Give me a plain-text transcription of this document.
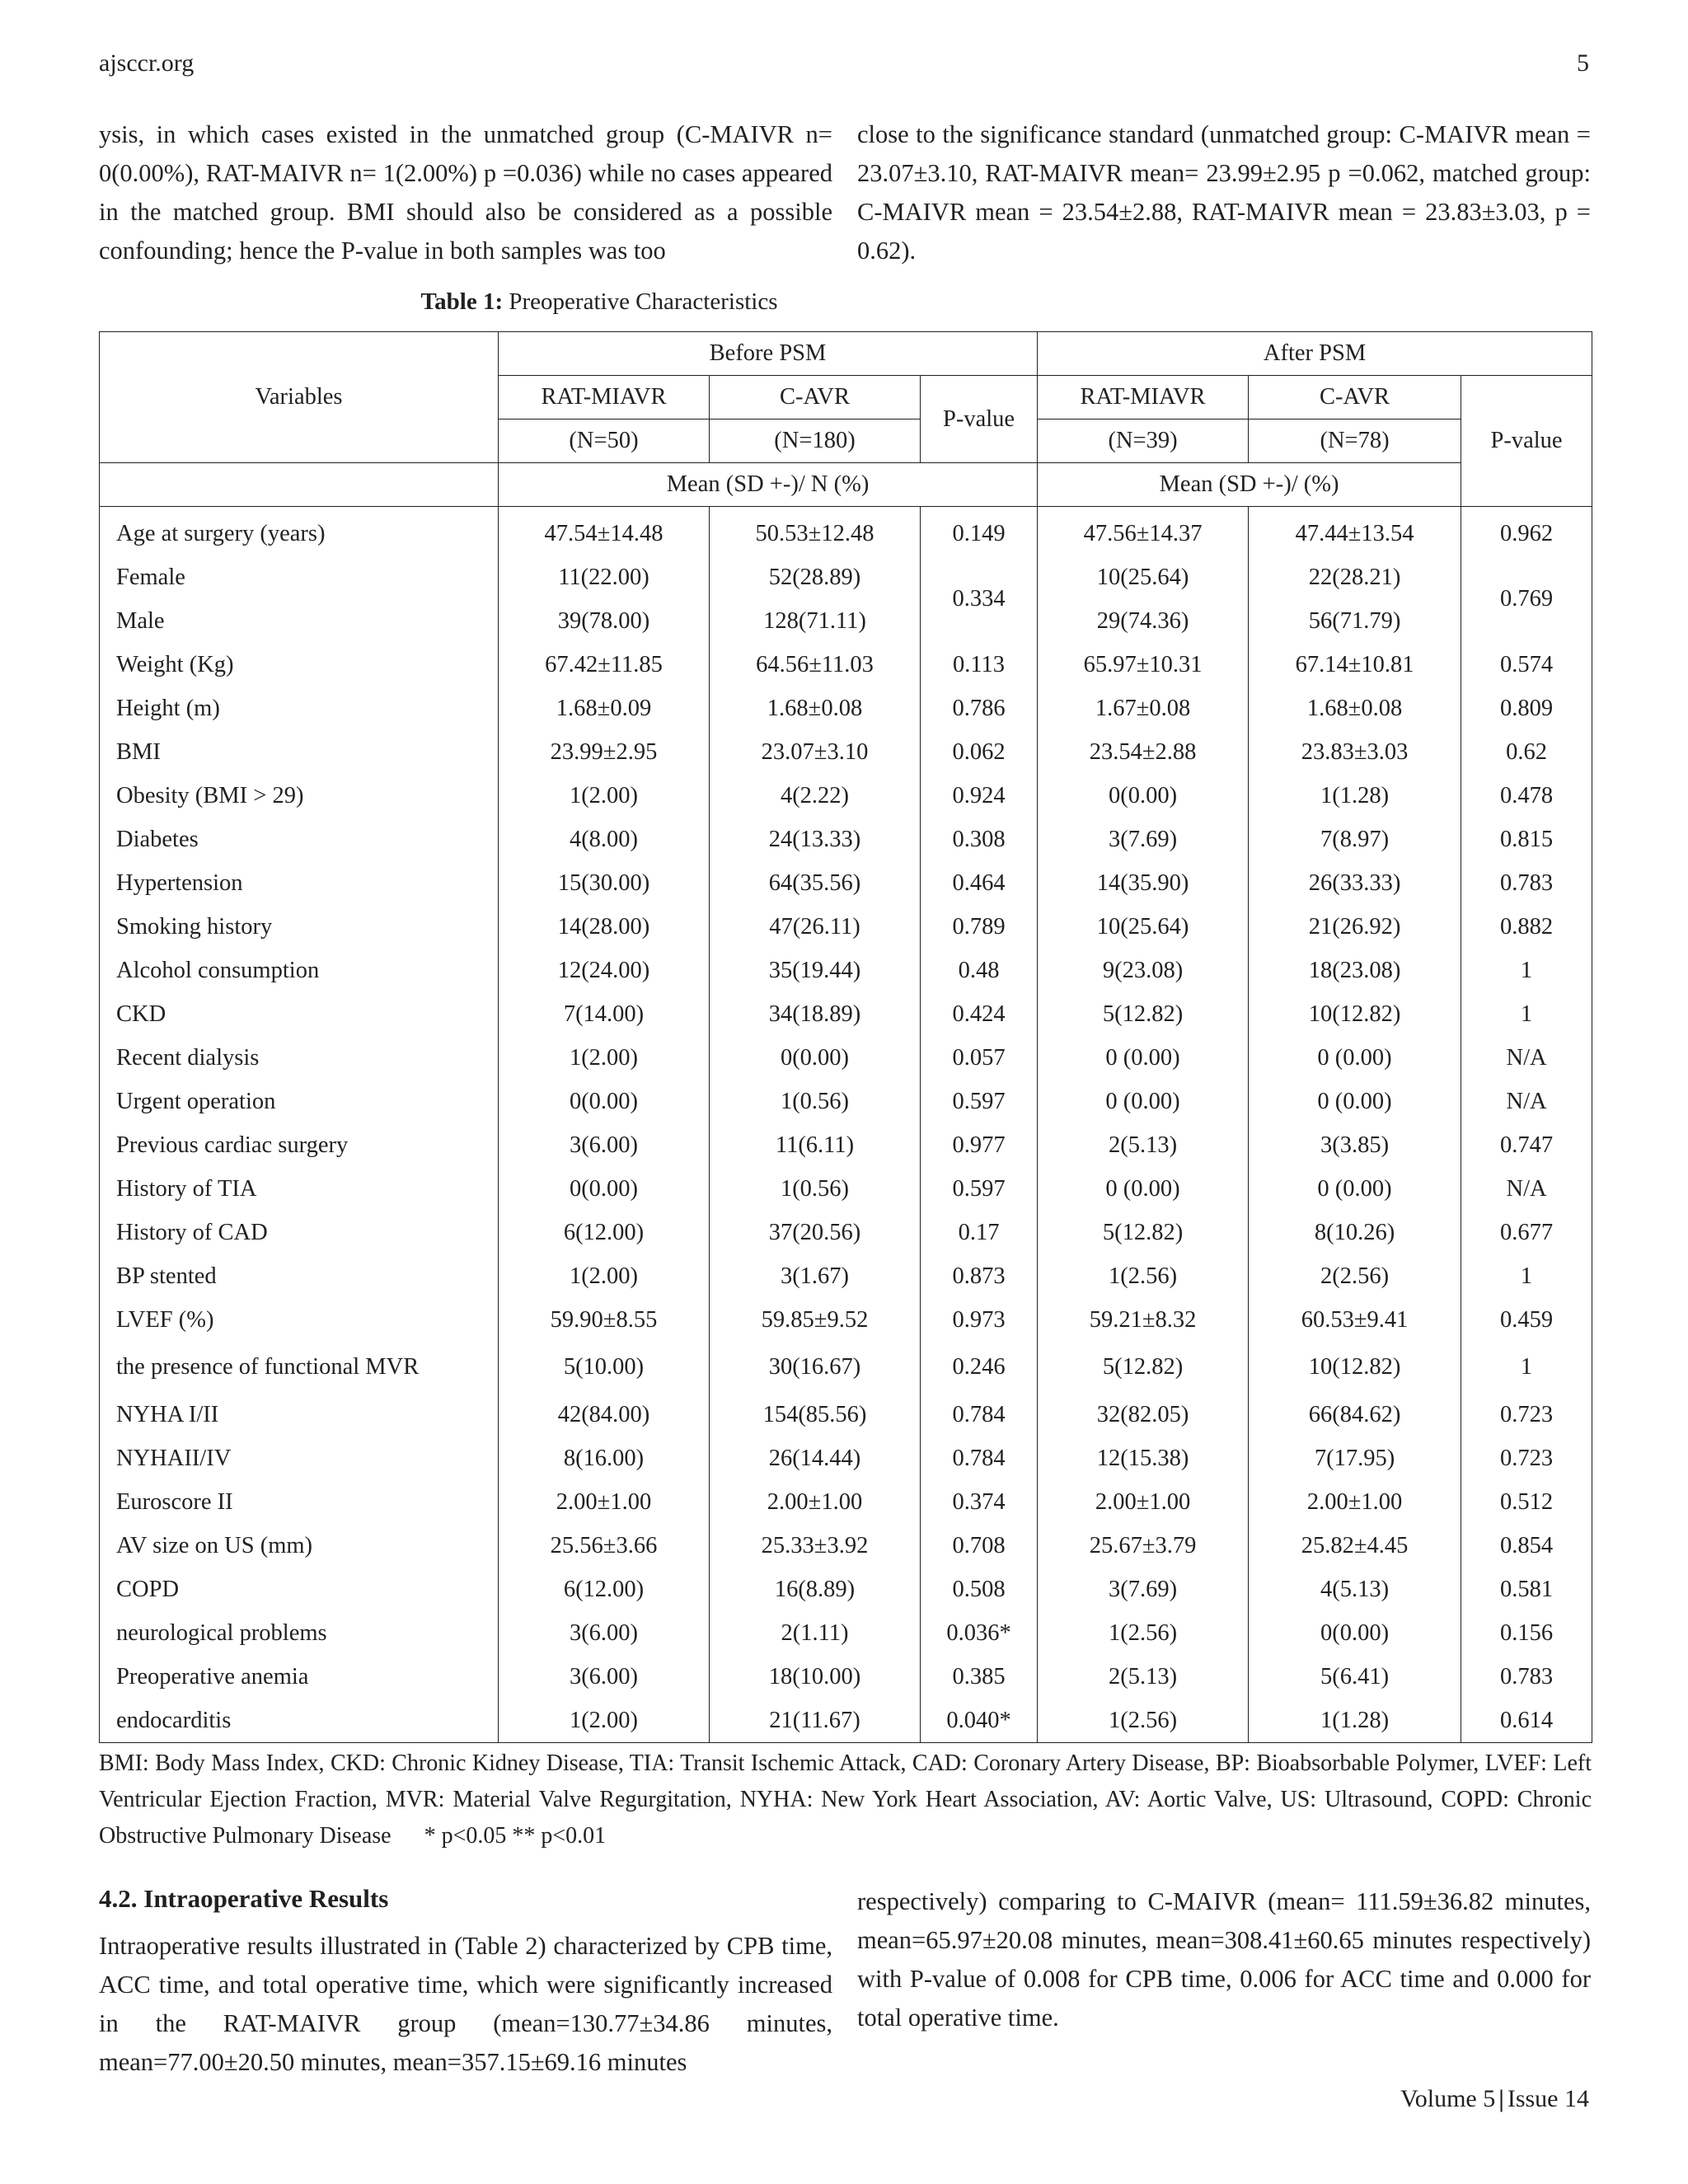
ajsccr.org	5

ysis, in which cases existed in the unmatched group (C-MAIVR n= 0(0.00%), RAT-MAIVR n= 1(2.00%) p =0.036) while no cases appeared in the matched group. BMI should also be considered as a possible confounding; hence the P-value in both samples was too

close to the significance standard (unmatched group: C-MAIVR mean = 23.07±3.10, RAT-MAIVR mean= 23.99±2.95 p =0.062, matched group: C-MAIVR mean = 23.54±2.88, RAT-MAIVR mean = 23.83±3.03, p = 0.62).

Table 1: Preoperative Characteristics
Variables	Before PSM			After PSM		
	RAT-MIAVR	C-AVR	P-value	RAT-MIAVR	C-AVR	P-value
	(N=50)	(N=180)		(N=39)	(N=78)	
	Mean (SD +-)/ N (%)			Mean (SD +-)/ (%)		
Age at surgery (years)	47.54±14.48	50.53±12.48	0.149	47.56±14.37	47.44±13.54	0.962
Female	11(22.00)	52(28.89)	0.334	10(25.64)	22(28.21)	0.769
Male	39(78.00)	128(71.11)		29(74.36)	56(71.79)	
Weight (Kg)	67.42±11.85	64.56±11.03	0.113	65.97±10.31	67.14±10.81	0.574
Height (m)	1.68±0.09	1.68±0.08	0.786	1.67±0.08	1.68±0.08	0.809
BMI	23.99±2.95	23.07±3.10	0.062	23.54±2.88	23.83±3.03	0.62
Obesity (BMI > 29)	1(2.00)	4(2.22)	0.924	0(0.00)	1(1.28)	0.478
Diabetes	4(8.00)	24(13.33)	0.308	3(7.69)	7(8.97)	0.815
Hypertension	15(30.00)	64(35.56)	0.464	14(35.90)	26(33.33)	0.783
Smoking history	14(28.00)	47(26.11)	0.789	10(25.64)	21(26.92)	0.882
Alcohol consumption	12(24.00)	35(19.44)	0.48	9(23.08)	18(23.08)	1
CKD	7(14.00)	34(18.89)	0.424	5(12.82)	10(12.82)	1
Recent dialysis	1(2.00)	0(0.00)	0.057	0 (0.00)	0 (0.00)	N/A
Urgent operation	0(0.00)	1(0.56)	0.597	0 (0.00)	0 (0.00)	N/A
Previous cardiac surgery	3(6.00)	11(6.11)	0.977	2(5.13)	3(3.85)	0.747
History of TIA	0(0.00)	1(0.56)	0.597	0 (0.00)	0 (0.00)	N/A
History of CAD	6(12.00)	37(20.56)	0.17	5(12.82)	8(10.26)	0.677
BP stented	1(2.00)	3(1.67)	0.873	1(2.56)	2(2.56)	1
LVEF (%)	59.90±8.55	59.85±9.52	0.973	59.21±8.32	60.53±9.41	0.459
the presence of functional MVR	5(10.00)	30(16.67)	0.246	5(12.82)	10(12.82)	1
NYHA I/II	42(84.00)	154(85.56)	0.784	32(82.05)	66(84.62)	0.723
NYHAII/IV	8(16.00)	26(14.44)	0.784	12(15.38)	7(17.95)	0.723
Euroscore II	2.00±1.00	2.00±1.00	0.374	2.00±1.00	2.00±1.00	0.512
AV size on US (mm)	25.56±3.66	25.33±3.92	0.708	25.67±3.79	25.82±4.45	0.854
COPD	6(12.00)	16(8.89)	0.508	3(7.69)	4(5.13)	0.581
neurological problems	3(6.00)	2(1.11)	0.036*	1(2.56)	0(0.00)	0.156
Preoperative anemia	3(6.00)	18(10.00)	0.385	2(5.13)	5(6.41)	0.783
endocarditis	1(2.00)	21(11.67)	0.040*	1(2.56)	1(1.28)	0.614
BMI: Body Mass Index, CKD: Chronic Kidney Disease, TIA: Transit Ischemic Attack, CAD: Coronary Artery Disease, BP: Bioabsorbable Polymer, LVEF: Left Ventricular Ejection Fraction, MVR: Material Valve Regurgitation, NYHA: New York Heart Association, AV: Aortic Valve, US: Ultrasound, COPD: Chronic Obstructive Pulmonary Disease * p<0.05 ** p<0.01
4.2. Intraoperative Results

Intraoperative results illustrated in (Table 2) characterized by CPB time, ACC time, and total operative time, which were significantly increased in the RAT-MAIVR group (mean=130.77±34.86 minutes, mean=77.00±20.50 minutes, mean=357.15±69.16 minutes

respectively) comparing to C-MAIVR (mean= 111.59±36.82 minutes, mean=65.97±20.08 minutes, mean=308.41±60.65 minutes respectively) with P-value of 0.008 for CPB time, 0.006 for ACC time and 0.000 for total operative time.

Volume 5 | Issue 14
